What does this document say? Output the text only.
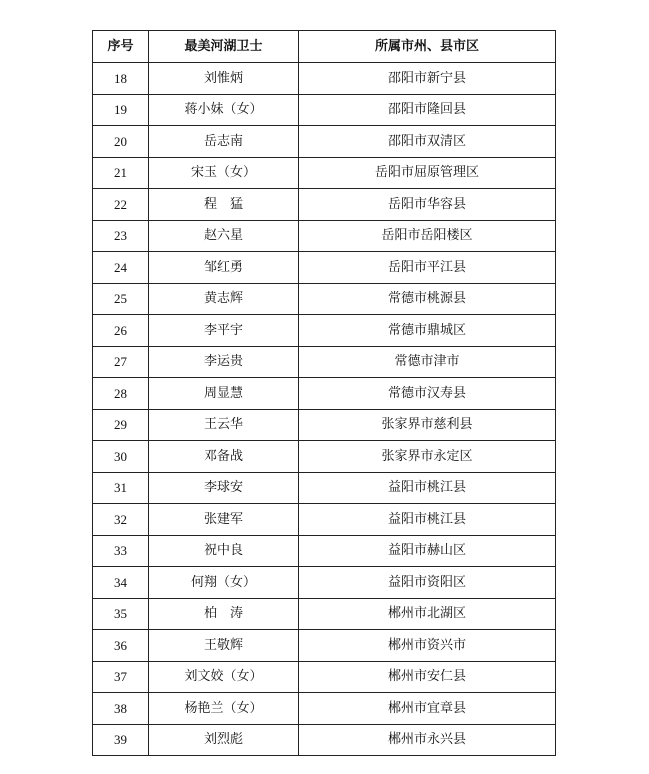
序号	最美河湖卫士	所属市州、县市区
18	刘惟炳	邵阳市新宁县
19	蒋小妹（女）	邵阳市隆回县
20	岳志南	邵阳市双清区
21	宋玉（女）	岳阳市屈原管理区
22	程　猛	岳阳市华容县
23	赵六星	岳阳市岳阳楼区
24	邹红勇	岳阳市平江县
25	黄志辉	常德市桃源县
26	李平宇	常德市鼎城区
27	李运贵	常德市津市
28	周显慧	常德市汉寿县
29	王云华	张家界市慈利县
30	邓备战	张家界市永定区
31	李球安	益阳市桃江县
32	张建军	益阳市桃江县
33	祝中良	益阳市赫山区
34	何翔（女）	益阳市资阳区
35	柏　涛	郴州市北湖区
36	王敬辉	郴州市资兴市
37	刘文姣（女）	郴州市安仁县
38	杨艳兰（女）	郴州市宜章县
39	刘烈彪	郴州市永兴县
